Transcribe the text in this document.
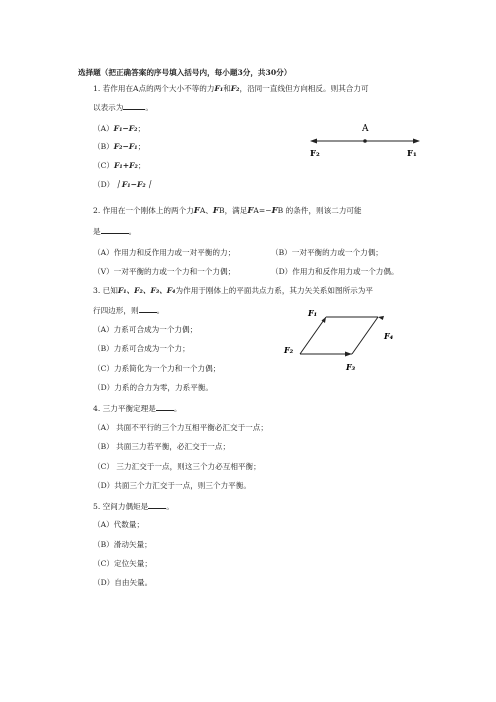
选择题（把正确答案的序号填入括号内，每小题3分，共30分）
1. 若作用在A点的两个大小不等的力F₁和F₂，沿同一直线但方向相反。则其合力可
以表示为	。
（A）F₁−F₂；
（B）F₂−F₁；
（C）F₁+F₂；
（D）｜F₁−F₂｜
A
F₂	F₁
2. 作用在一个刚体上的两个力FA、FB，满足FA=−FB 的条件，则该二力可能
是	。
（A）作用力和反作用力或一对平衡的力；	（B）一对平衡的力或一个力偶；
（V）一对平衡的力或一个力和一个力偶；	（D）作用力和反作用力或一个力偶。
3. 已知F₁、F₂、F₃、F₄为作用于刚体上的平面共点力系，其力矢关系如图所示为平
行四边形，则 。
（A）力系可合成为一个力偶；
（B）力系可合成为一个力；
（C）力系简化为一个力和一个力偶；
（D）力系的合力为零，力系平衡。
F₁
F₂
F₃
F₄
4. 三力平衡定理是 。
（A） 共面不平行的三个力互相平衡必汇交于一点；
（B） 共面三力若平衡，必汇交于一点；
（C） 三力汇交于一点，则这三个力必互相平衡；
（D）共面三个力汇交于一点，则三个力平衡。
5. 空间力偶矩是 。
（A）代数量；
（B）滑动矢量；
（C）定位矢量；
（D）自由矢量。
